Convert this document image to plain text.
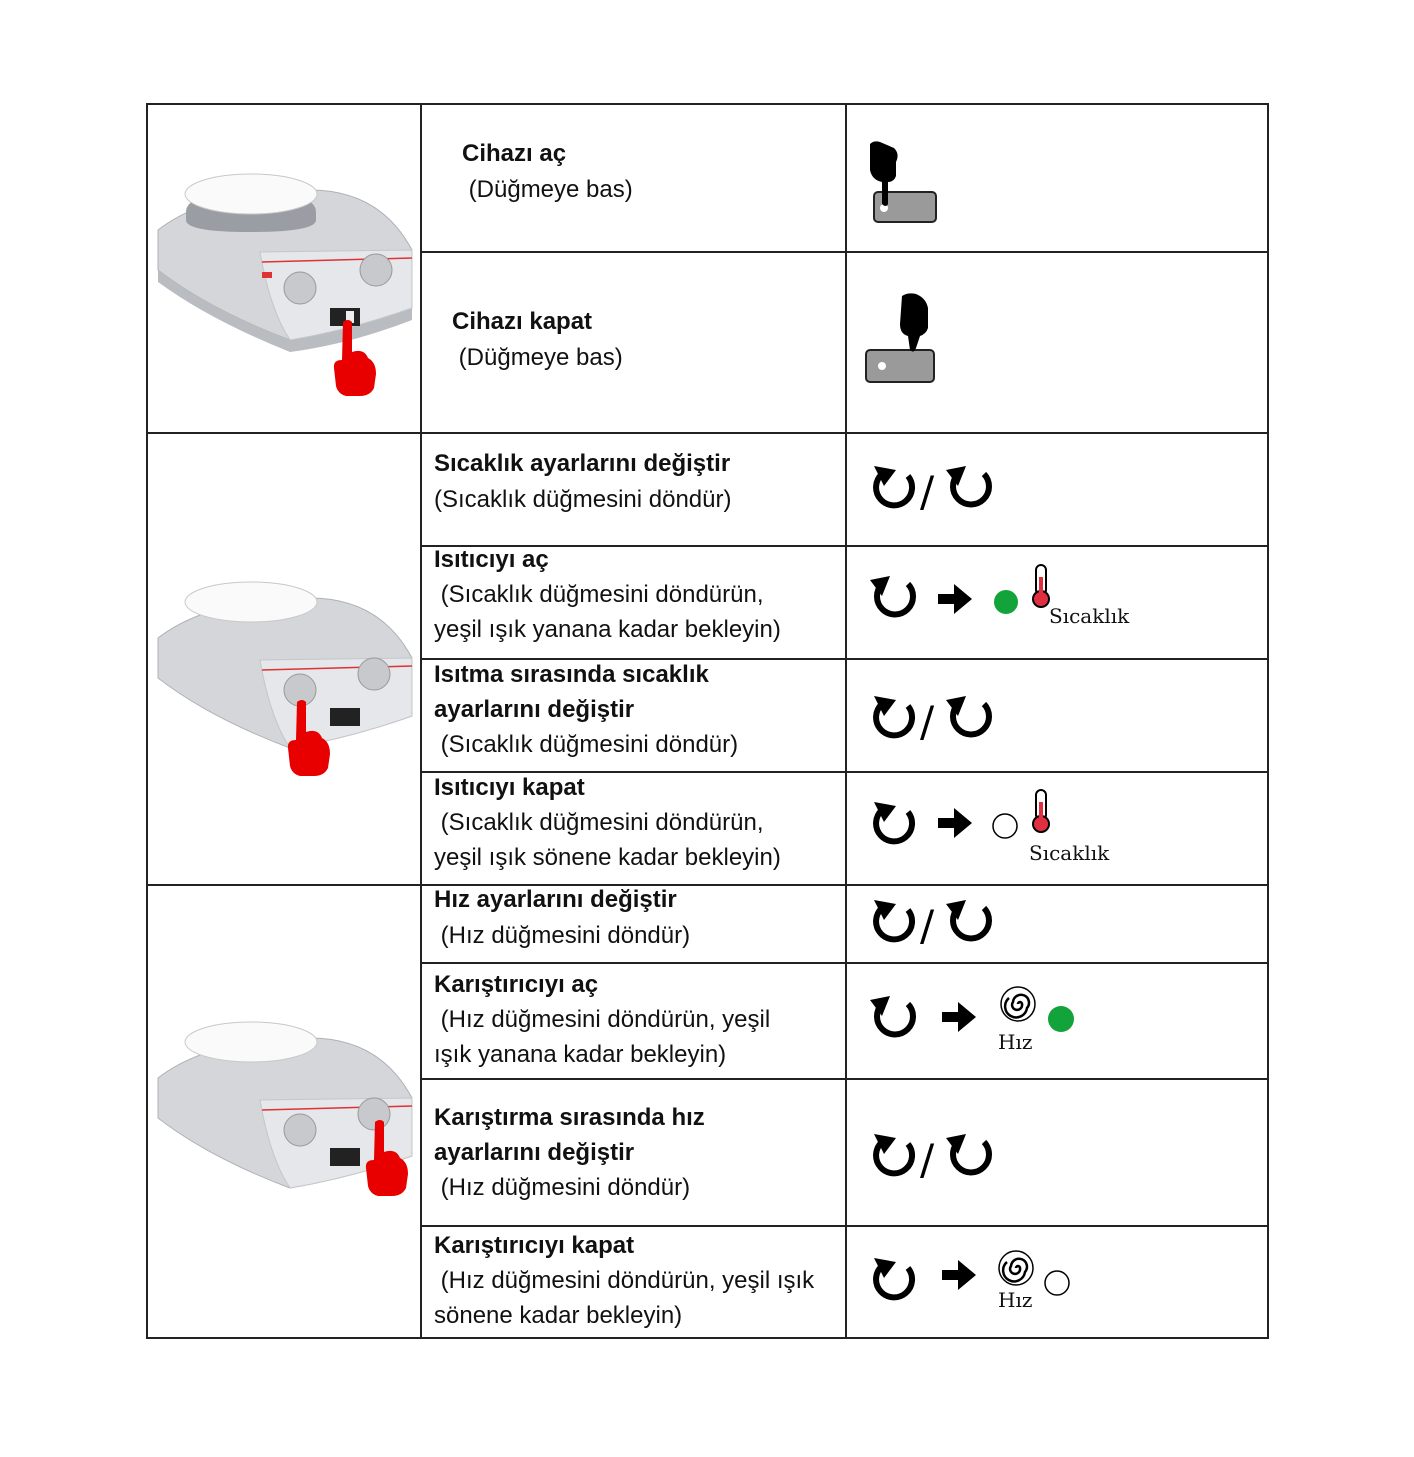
Cihazı aç
(Düğmeye bas)
Cihazı kapat
(Düğmeye bas)
Sıcaklık ayarlarını değiştir
(Sıcaklık düğmesini döndür)
Isıtıcıyı aç
(Sıcaklık düğmesini döndürün,
yeşil ışık yanana kadar bekleyin)
Isıtma sırasında sıcaklık
ayarlarını değiştir
(Sıcaklık düğmesini döndür)
Isıtıcıyı kapat
(Sıcaklık düğmesini döndürün,
yeşil ışık sönene kadar bekleyin)
Hız ayarlarını değiştir
(Hız düğmesini döndür)
Karıştırıcıyı aç
(Hız düğmesini döndürün, yeşil
ışık yanana kadar bekleyin)
Karıştırma sırasında hız
ayarlarını değiştir
(Hız düğmesini döndür)
Karıştırıcıyı kapat
(Hız düğmesini döndürün, yeşil ışık
sönene kadar bekleyin)
/
Sıcaklık
/
Sıcaklık
/
Hız
/
Hız
